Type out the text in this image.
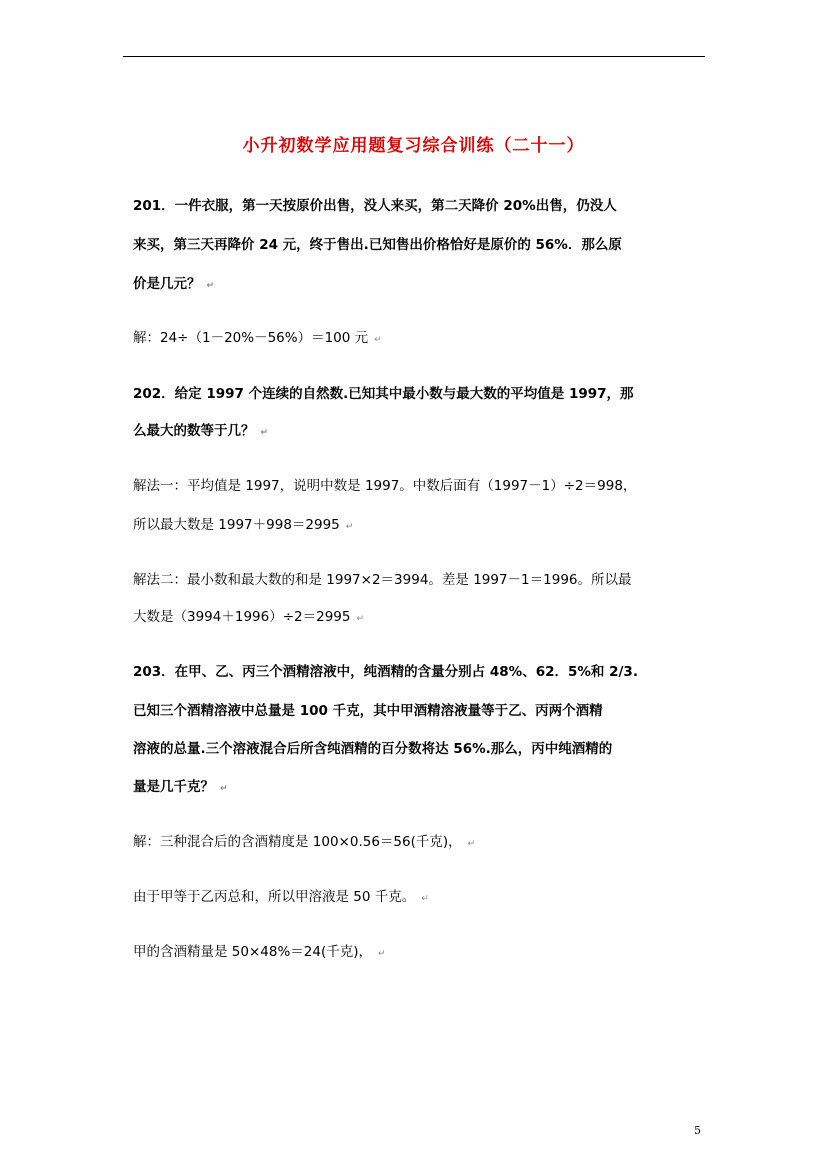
小升初数学应用题复习综合训练（二十一）
201．一件衣服，第一天按原价出售，没人来买，第二天降价 20%出售，仍没人
来买，第三天再降价 24 元，终于售出.已知售出价格恰好是原价的 56%．那么原
价是几元？ ↵
解：24÷（1－20%－56%）＝100 元 ↵
202．给定 1997 个连续的自然数.已知其中最小数与最大数的平均值是 1997，那
么最大的数等于几？ ↵
解法一：平均值是 1997，说明中数是 1997。中数后面有（1997－1）÷2＝998，
所以最大数是 1997＋998＝2995 ↵
解法二：最小数和最大数的和是 1997×2＝3994。差是 1997－1＝1996。所以最
大数是（3994＋1996）÷2＝2995 ↵
203．在甲、乙、丙三个酒精溶液中，纯酒精的含量分别占 48%、62．5%和 2/3.
已知三个酒精溶液中总量是 100 千克，其中甲酒精溶液量等于乙、丙两个酒精
溶液的总量.三个溶液混合后所含纯酒精的百分数将达 56%.那么，丙中纯酒精的
量是几千克？ ↵
解：三种混合后的含酒精度是 100×0.56＝56(千克)， ↵
由于甲等于乙丙总和，所以甲溶液是 50 千克。 ↵
甲的含酒精量是 50×48%＝24(千克)， ↵
5
